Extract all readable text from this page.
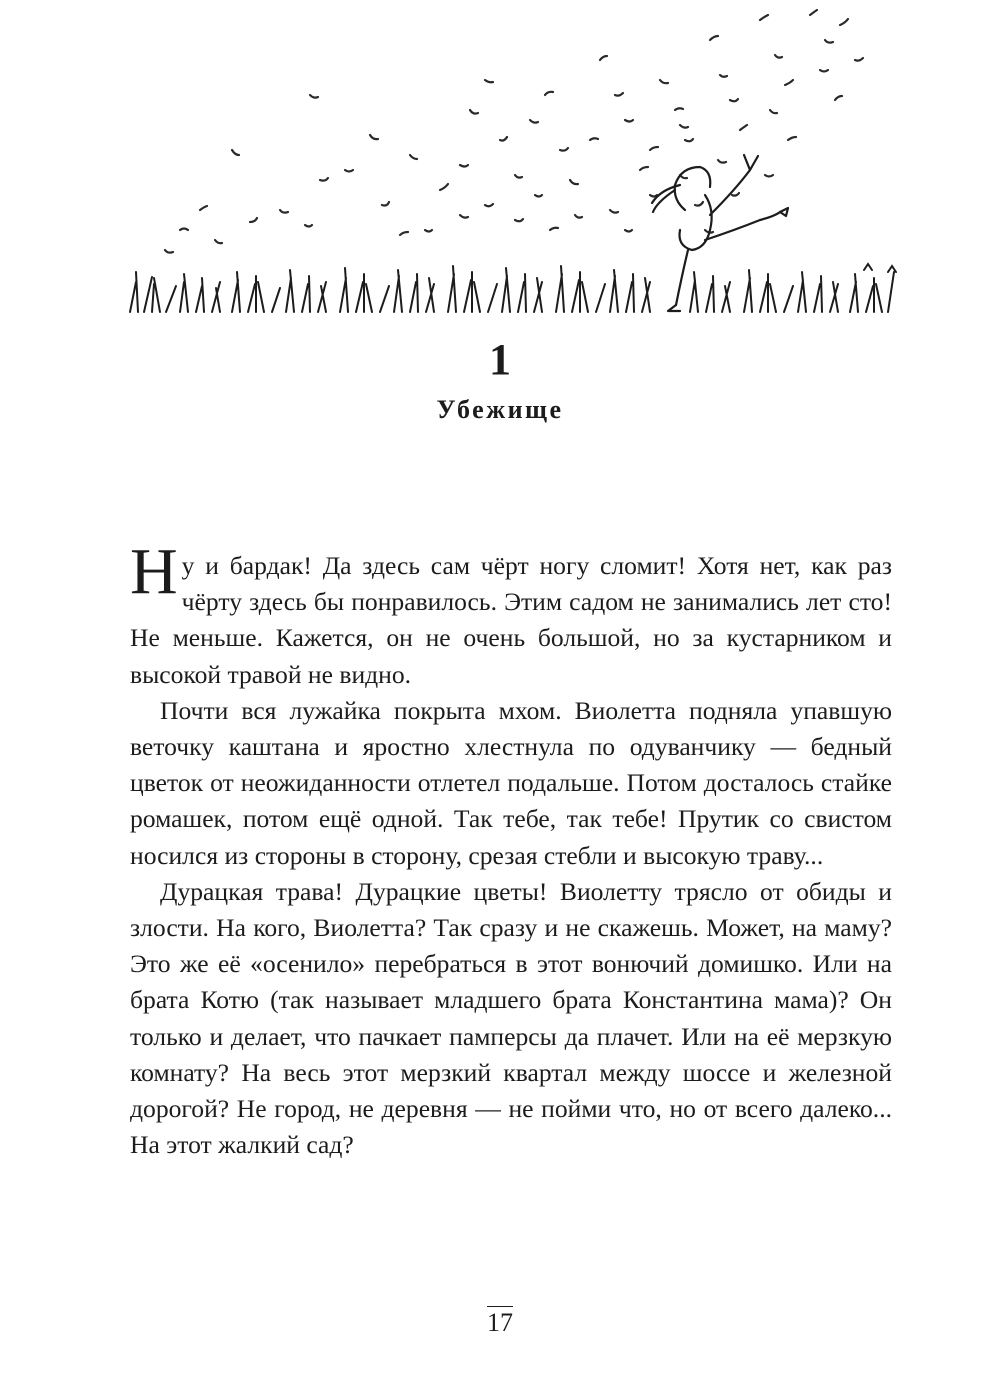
1
Убежище

Ну и бардак! Да здесь сам чёрт ногу сломит! Хотя нет, как раз чёрту здесь бы понравилось. Этим садом не занимались лет сто! Не меньше. Кажется, он не очень большой, но за кустарником и высокой травой не видно.

Почти вся лужайка покрыта мхом. Виолетта подняла упавшую веточку каштана и яростно хлестнула по одуванчику — бедный цветок от неожиданности отлетел подальше. Потом досталось стайке ромашек, потом ещё одной. Так тебе, так тебе! Прутик со свистом носился из стороны в сторону, срезая стебли и высокую траву...

Дурацкая трава! Дурацкие цветы! Виолетту трясло от обиды и злости. На кого, Виолетта? Так сразу и не скажешь. Может, на маму? Это же её «осенило» перебраться в этот вонючий домишко. Или на брата Котю (так называет младшего брата Константина мама)? Он только и делает, что пачкает памперсы да плачет. Или на её мерзкую комнату? На весь этот мерзкий квартал между шоссе и железной дорогой? Не город, не деревня — не пойми что, но от всего далеко... На этот жалкий сад?

17
